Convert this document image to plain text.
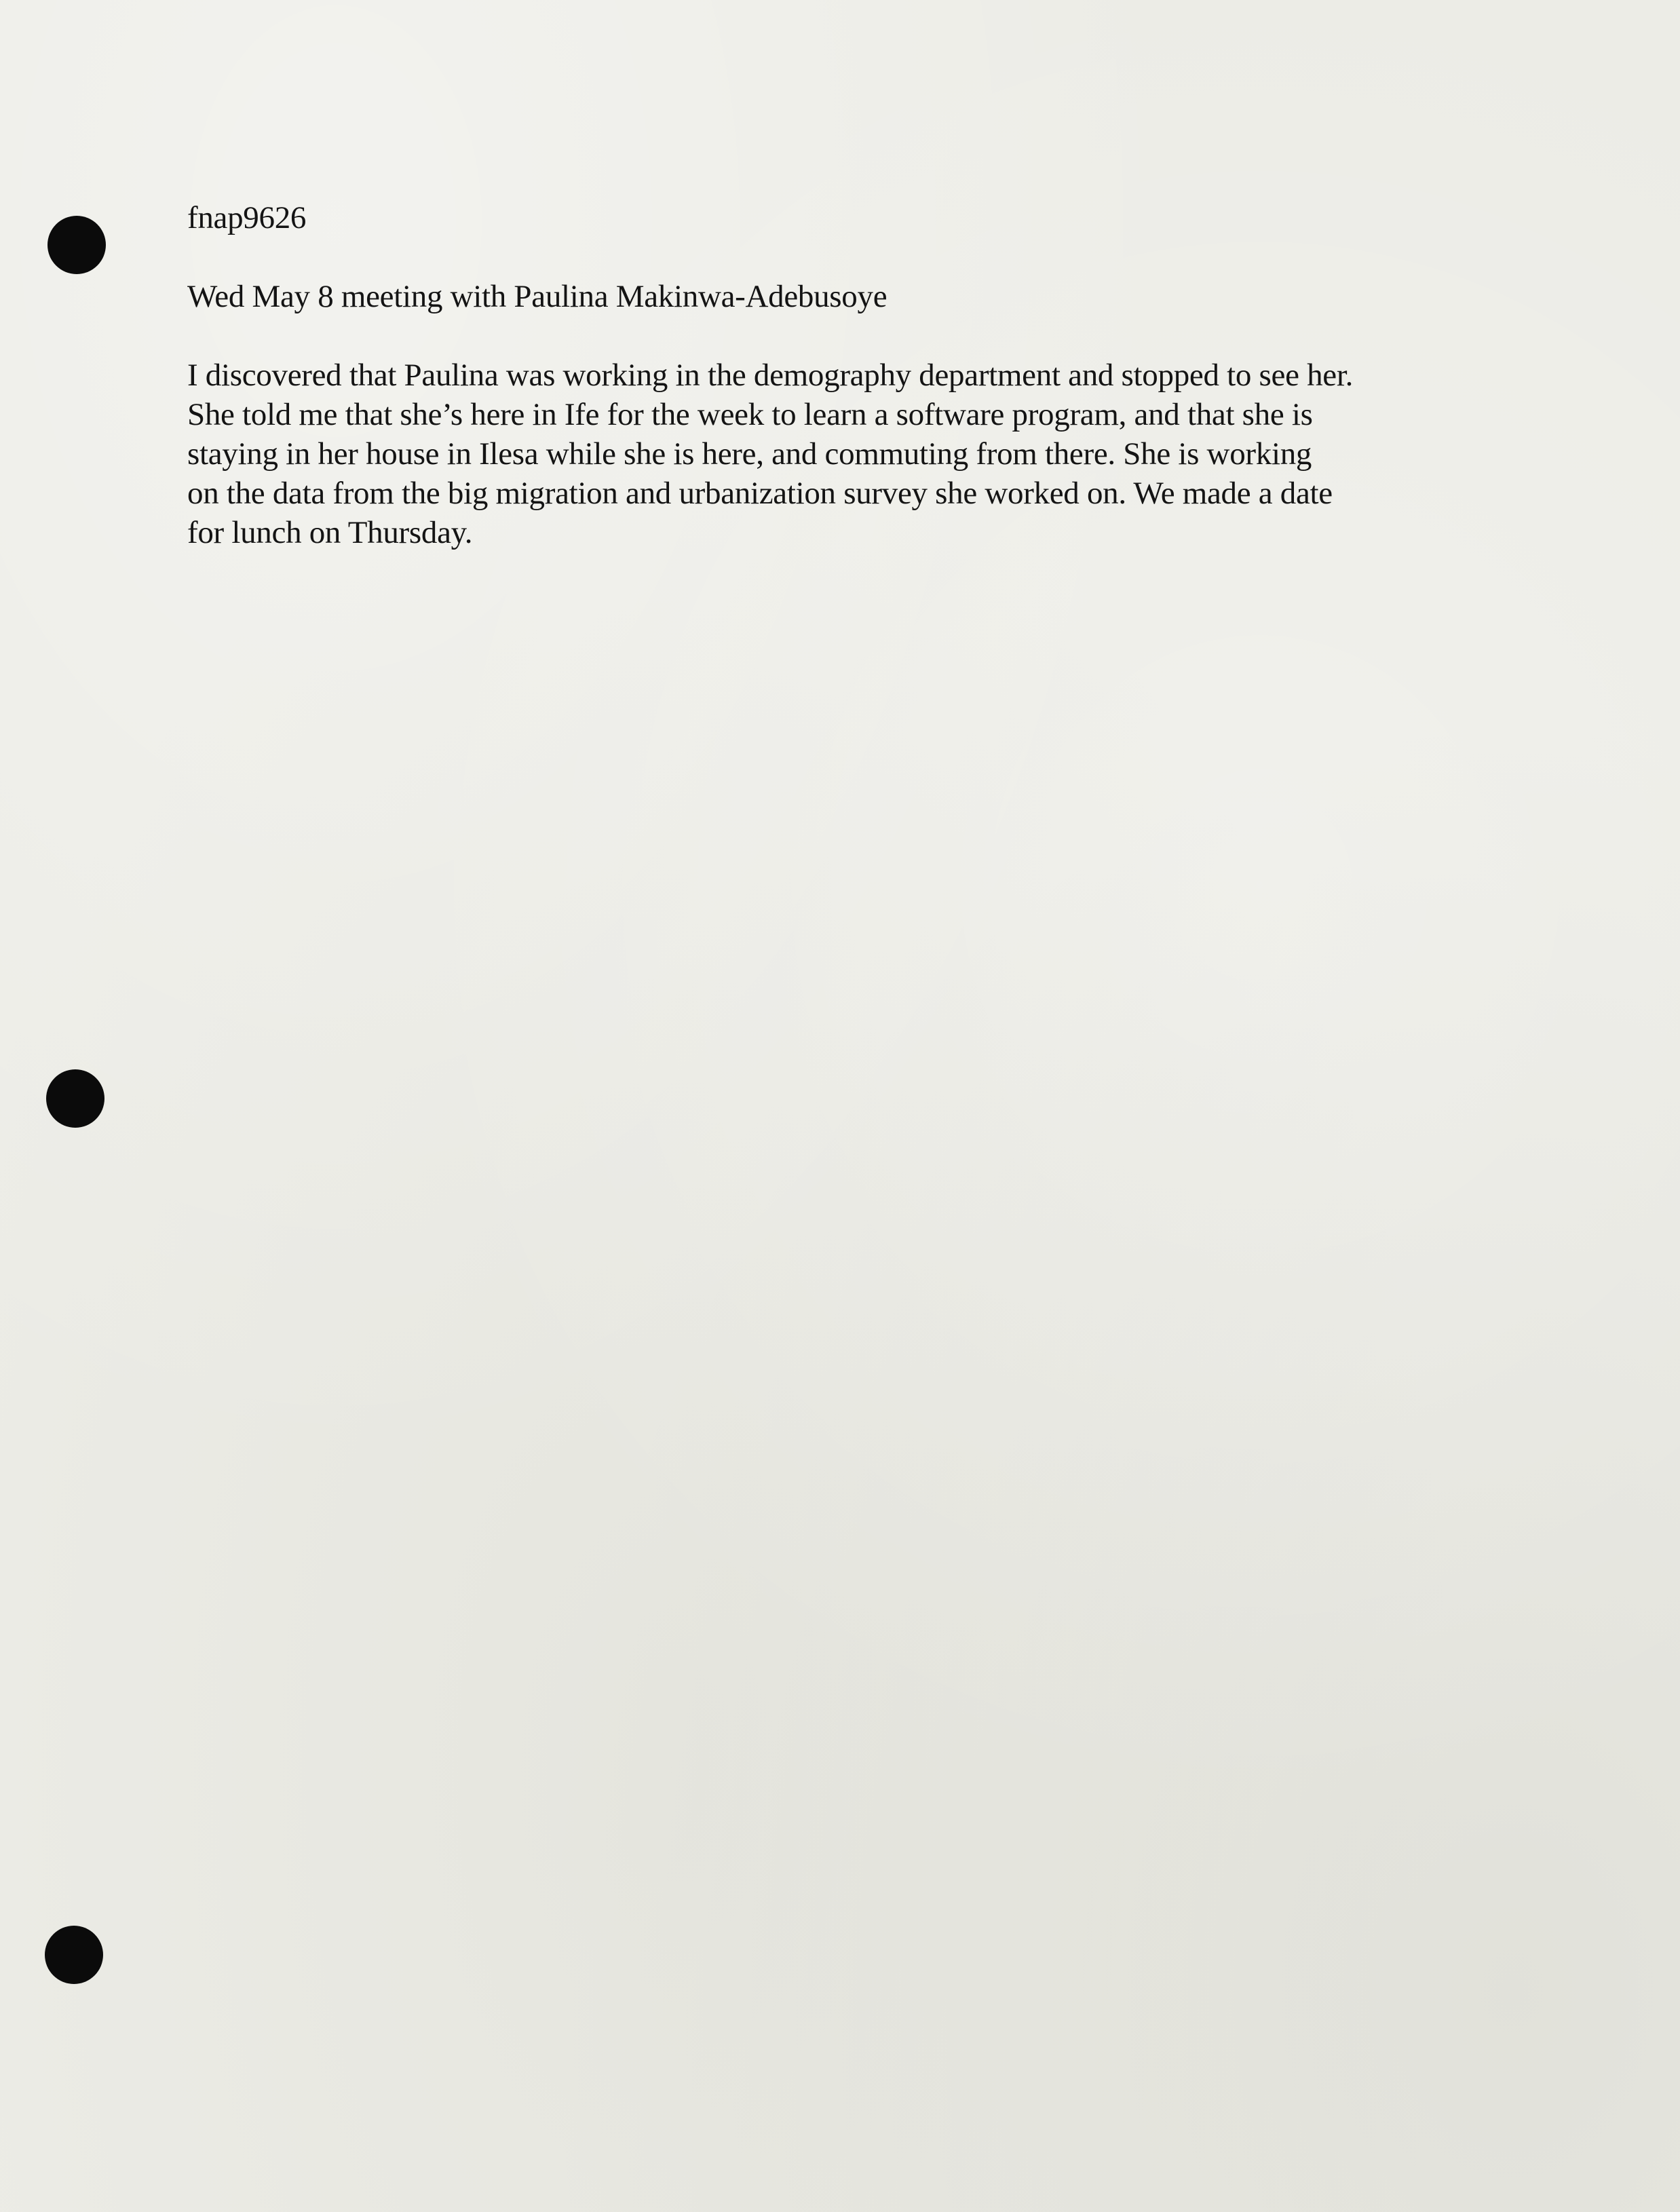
fnap9626
Wed May 8 meeting with Paulina Makinwa-Adebusoye
I discovered that Paulina was working in the demography department and stopped to see her.
She told me that she’s here in Ife for the week to learn a software program, and that she is
staying in her house in Ilesa while she is here, and commuting from there. She is working
on the data from the big migration and urbanization survey she worked on. We made a date
for lunch on Thursday.
